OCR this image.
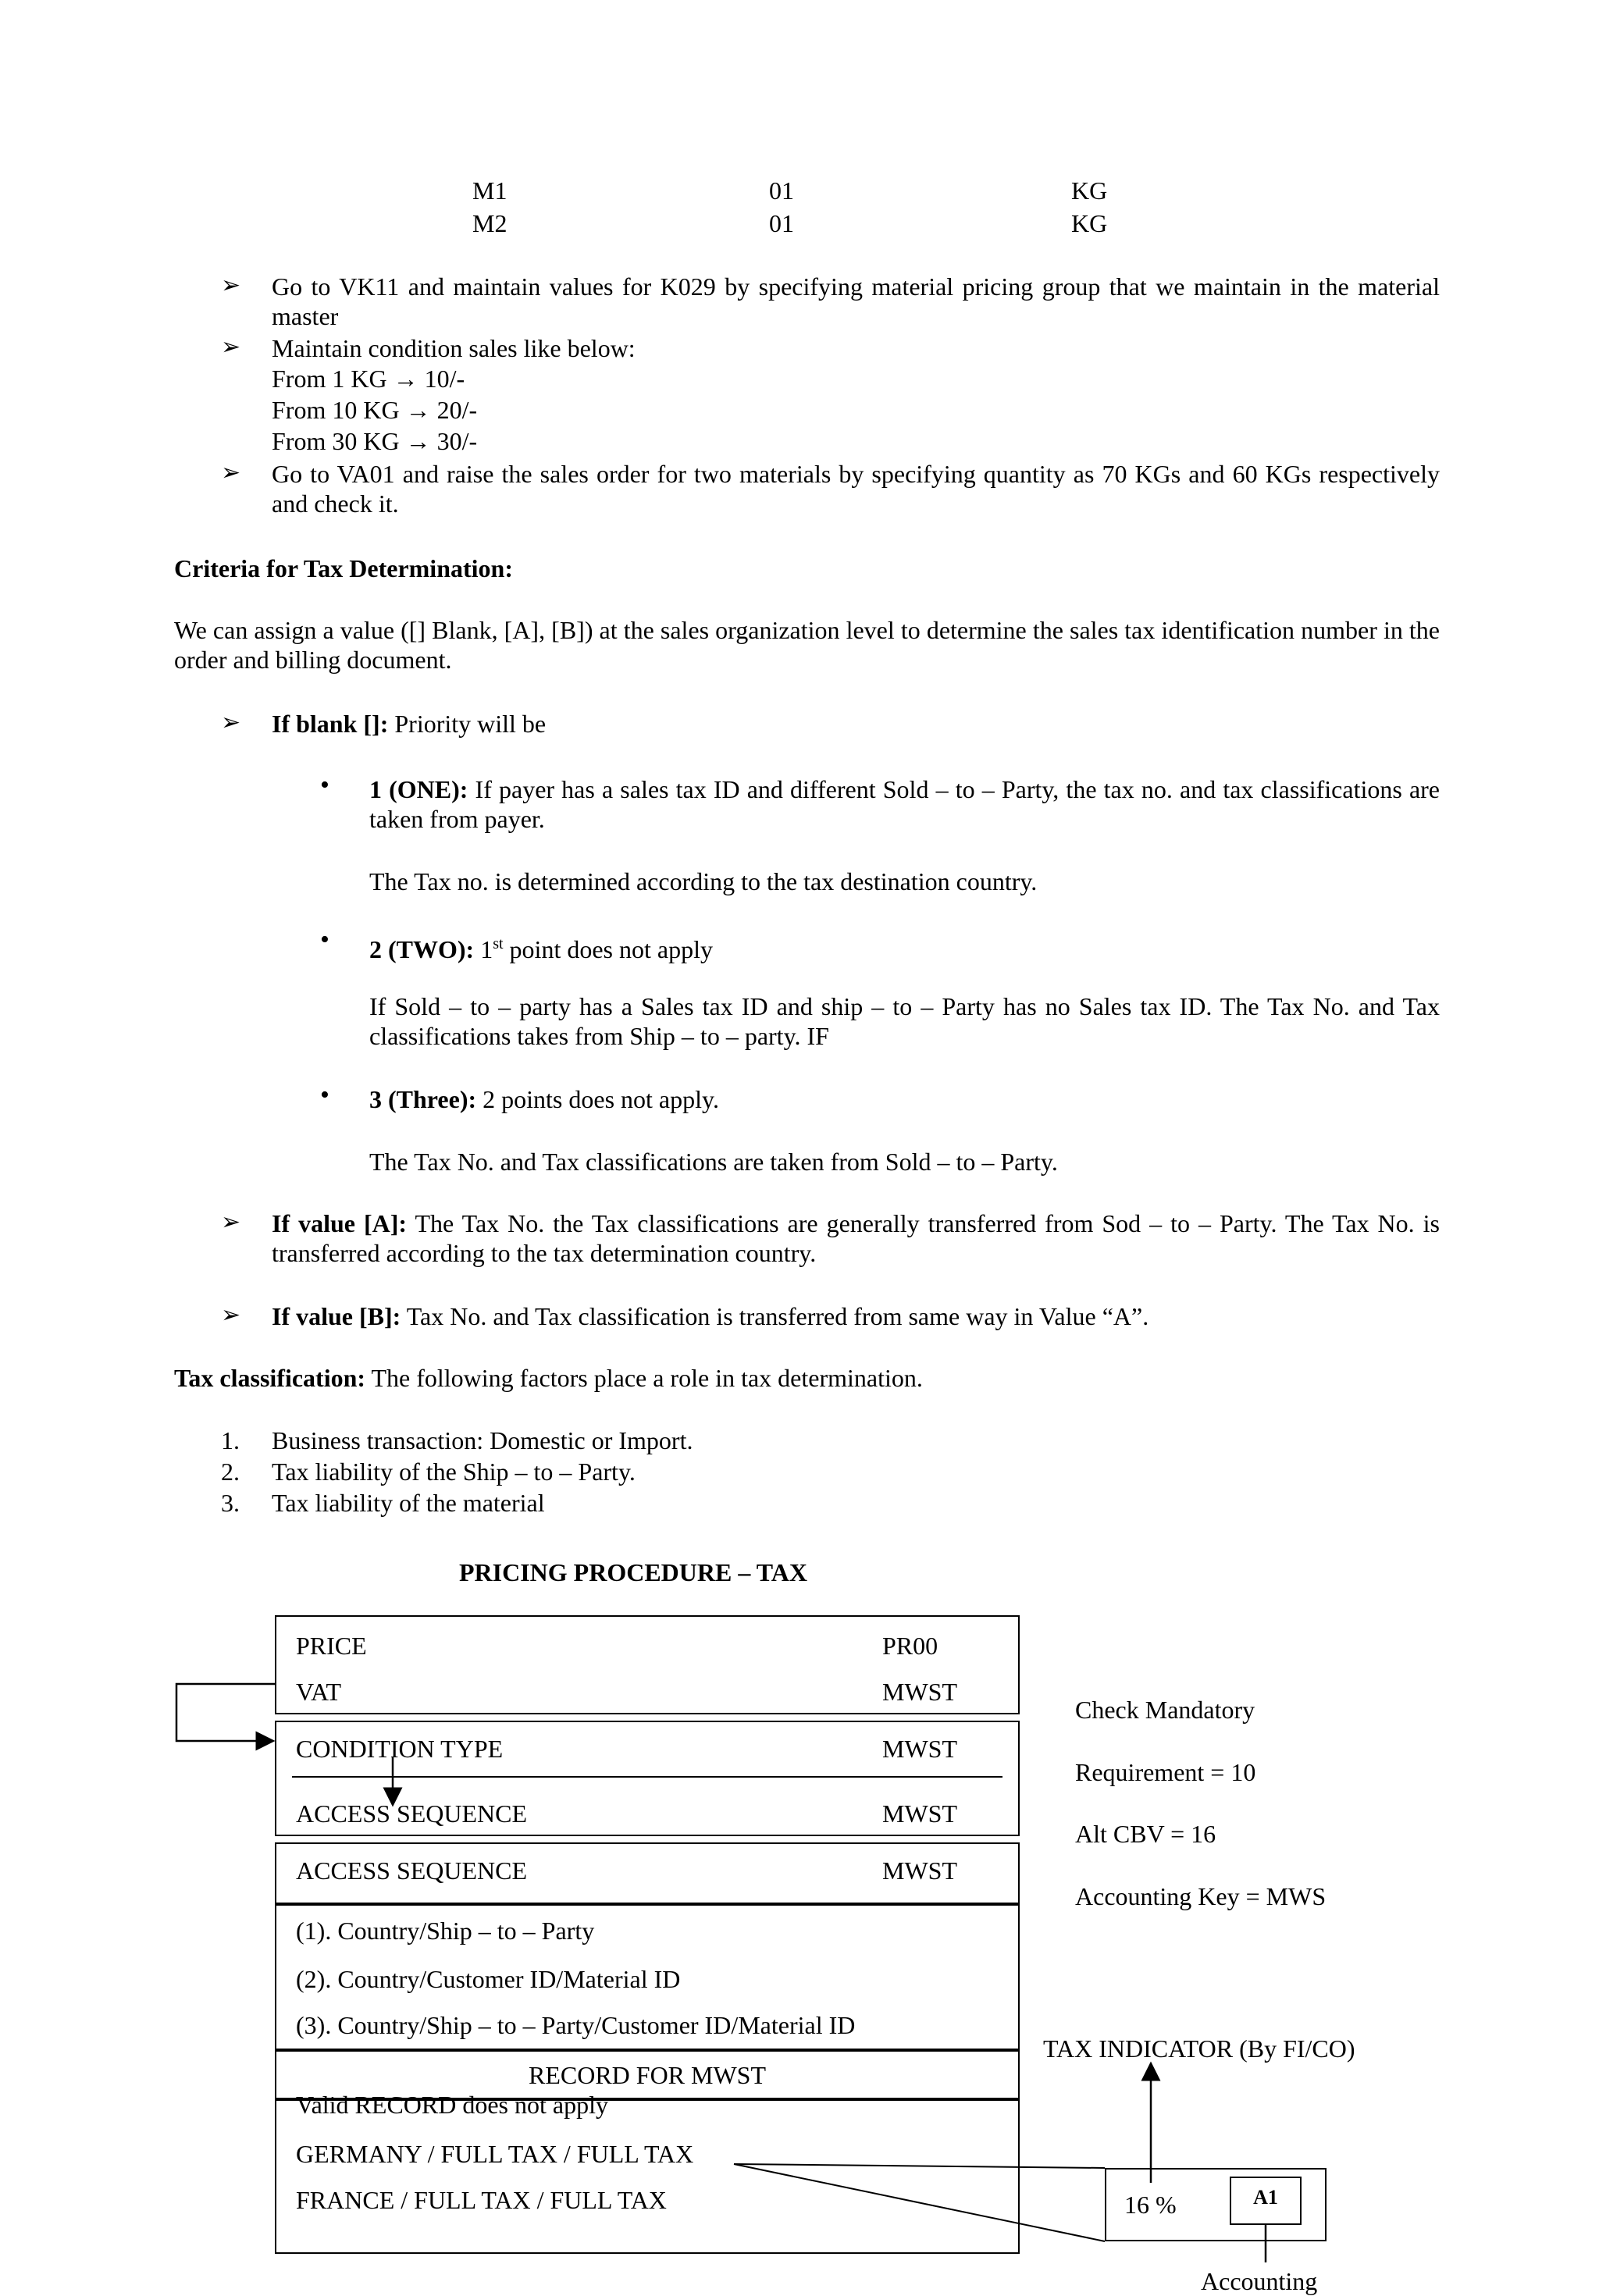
M1	01	KG
M2	01	KG
➢ Go to VK11 and maintain values for K029 by specifying material pricing group that we maintain in the material master
➢ Maintain condition sales like below:
From 1 KG → 10/-
From 10 KG → 20/-
From 30 KG → 30/-
➢ Go to VA01 and raise the sales order for two materials by specifying quantity as 70 KGs and 60 KGs respectively and check it.
Criteria for Tax Determination:
We can assign a value ([] Blank, [A], [B]) at the sales organization level to determine the sales tax identification number in the order and billing document.
➢ If blank []: Priority will be
• 1 (ONE): If payer has a sales tax ID and different Sold – to – Party, the tax no. and tax classifications are taken from payer.
The Tax no. is determined according to the tax destination country.
• 2 (TWO): 1st point does not apply
If Sold – to – party has a Sales tax ID and ship – to – Party has no Sales tax ID. The Tax No. and Tax classifications takes from Ship – to – party. IF
• 3 (Three): 2 points does not apply.
The Tax No. and Tax classifications are taken from Sold – to – Party.
➢ If value [A]: The Tax No. the Tax classifications are generally transferred from Sod – to – Party. The Tax No. is transferred according to the tax determination country.
➢ If value [B]: Tax No. and Tax classification is transferred from same way in Value “A”.
Tax classification: The following factors place a role in tax determination.
1. Business transaction: Domestic or Import.
2. Tax liability of the Ship – to – Party.
3. Tax liability of the material
PRICING PROCEDURE – TAX
PRICE	PR00
VAT	MWST
CONDITION TYPE	MWST
ACCESS SEQUENCE	MWST
ACCESS SEQUENCE	MWST
(1). Country/Ship – to – Party
(2). Country/Customer ID/Material ID
(3). Country/Ship – to – Party/Customer ID/Material ID
RECORD FOR MWST
Valid RECORD does not apply
GERMANY / FULL TAX / FULL TAX
FRANCE / FULL TAX / FULL TAX
Check Mandatory
Requirement = 10
Alt CBV = 16
Accounting Key = MWS
TAX INDICATOR (By FI/CO)
16 %	A1
Accounting
